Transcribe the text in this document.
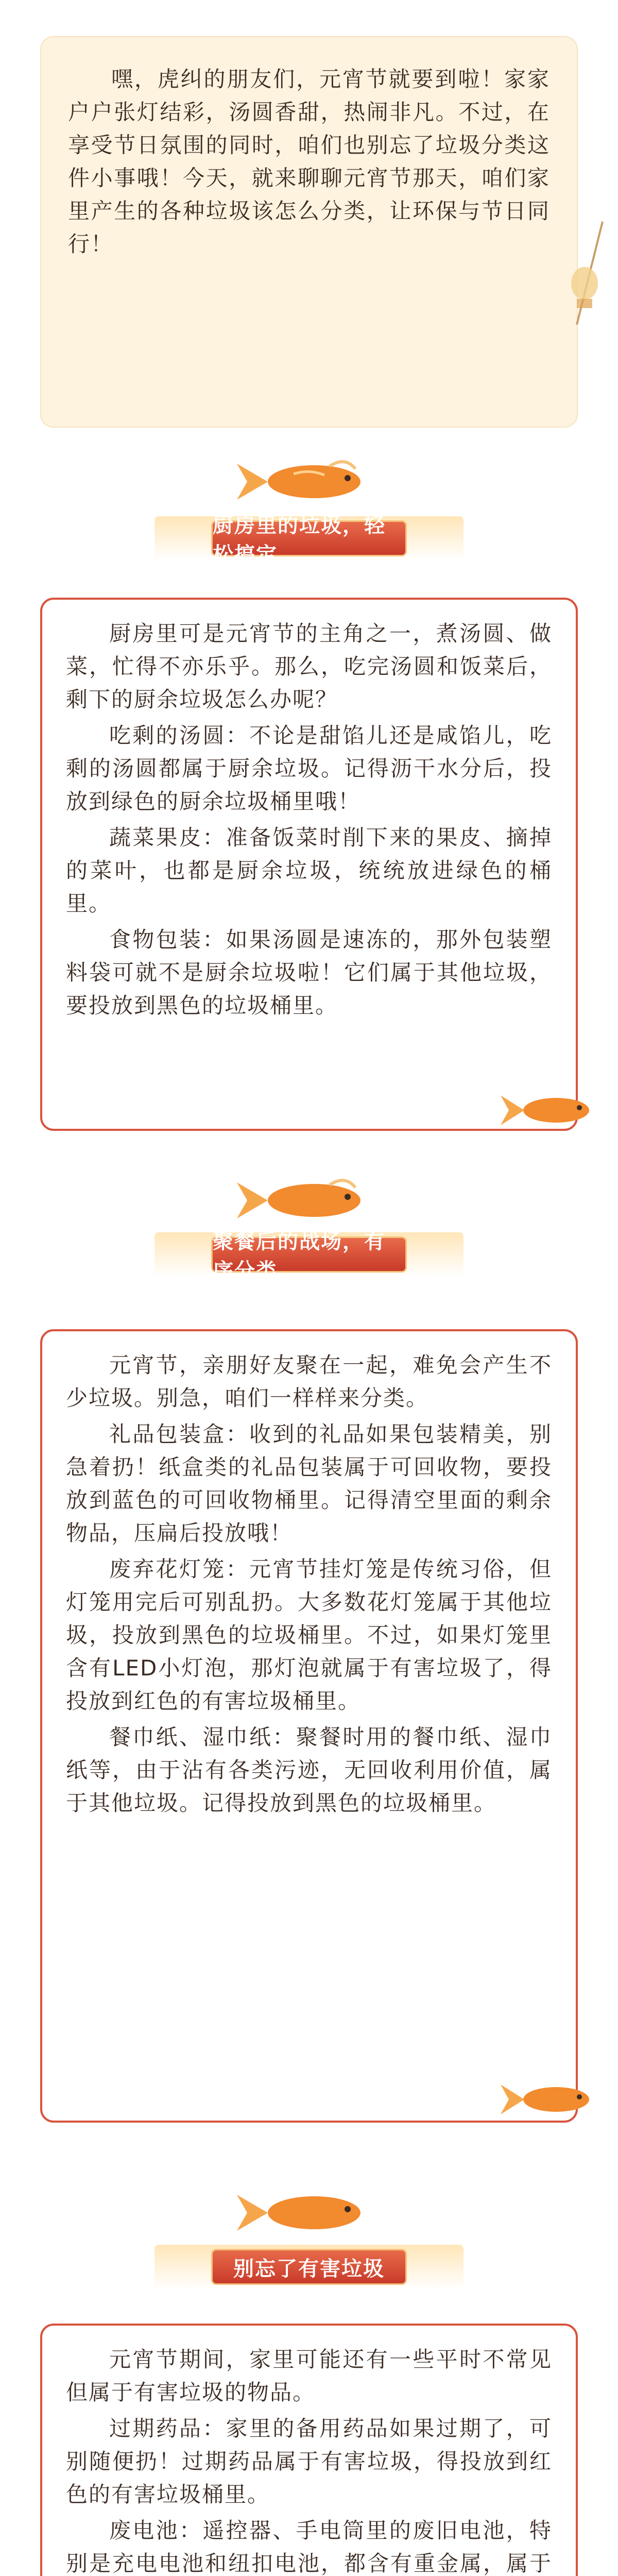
嘿，虎纠的朋友们，元宵节就要到啦！家家户户张灯结彩，汤圆香甜，热闹非凡。不过，在享受节日氛围的同时，咱们也别忘了垃圾分类这件小事哦！今天，就来聊聊元宵节那天，咱们家里产生的各种垃圾该怎么分类，让环保与节日同行！

厨房里的垃圾，轻松搞定

厨房里可是元宵节的主角之一，煮汤圆、做菜，忙得不亦乐乎。那么，吃完汤圆和饭菜后，剩下的厨余垃圾怎么办呢？

吃剩的汤圆：不论是甜馅儿还是咸馅儿，吃剩的汤圆都属于厨余垃圾。记得沥干水分后，投放到绿色的厨余垃圾桶里哦！

蔬菜果皮：准备饭菜时削下来的果皮、摘掉的菜叶，也都是厨余垃圾，统统放进绿色的桶里。

食物包装：如果汤圆是速冻的，那外包装塑料袋可就不是厨余垃圾啦！它们属于其他垃圾，要投放到黑色的垃圾桶里。

聚餐后的战场，有序分类

元宵节，亲朋好友聚在一起，难免会产生不少垃圾。别急，咱们一样样来分类。

礼品包装盒：收到的礼品如果包装精美，别急着扔！纸盒类的礼品包装属于可回收物，要投放到蓝色的可回收物桶里。记得清空里面的剩余物品，压扁后投放哦！

废弃花灯笼：元宵节挂灯笼是传统习俗，但灯笼用完后可别乱扔。大多数花灯笼属于其他垃圾，投放到黑色的垃圾桶里。不过，如果灯笼里含有LED小灯泡，那灯泡就属于有害垃圾了，得投放到红色的有害垃圾桶里。

餐巾纸、湿巾纸：聚餐时用的餐巾纸、湿巾纸等，由于沾有各类污迹，无回收利用价值，属于其他垃圾。记得投放到黑色的垃圾桶里。

别忘了有害垃圾

元宵节期间，家里可能还有一些平时不常见但属于有害垃圾的物品。

过期药品：家里的备用药品如果过期了，可别随便扔！过期药品属于有害垃圾，得投放到红色的有害垃圾桶里。

废电池：遥控器、手电筒里的废旧电池，特别是充电电池和纽扣电池，都含有重金属，属于
